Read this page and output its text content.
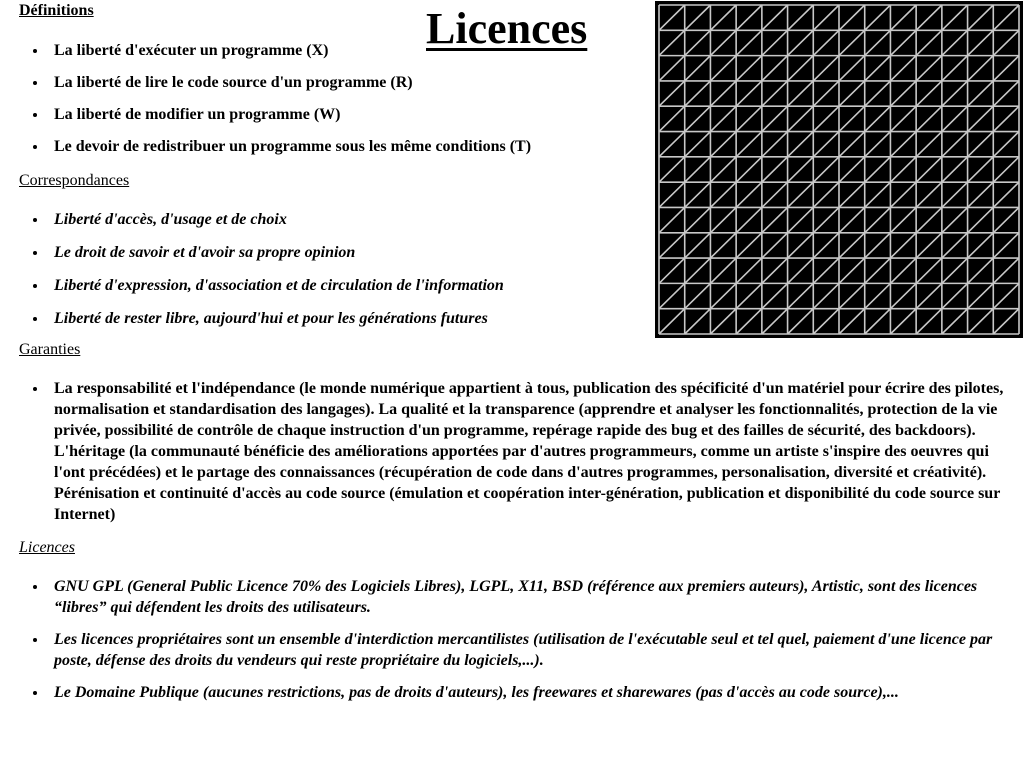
Licences
Définitions
La liberté d'exécuter un programme (X)
La liberté de lire le code source d'un programme (R)
La liberté de modifier un programme (W)
Le devoir de redistribuer un programme sous les même conditions (T)
Correspondances
Liberté d'accès, d'usage et de choix
Le droit de savoir et d'avoir sa propre opinion
Liberté d'expression, d'association et de circulation de l'information
Liberté de rester libre, aujourd'hui et pour les générations futures
Garanties
La responsabilité et l'indépendance (le monde numérique appartient à tous, publication des spécificité d'un matériel pour écrire des pilotes, normalisation et standardisation des langages). La qualité et la transparence (apprendre et analyser les fonctionnalités, protection de la vie privée, possibilité de contrôle de chaque instruction d'un programme, repérage rapide des bug et des failles de sécurité, des backdoors). L'héritage (la communauté bénéficie des améliorations apportées par d'autres programmeurs, comme un artiste s'inspire des oeuvres qui l'ont précédées) et le partage des connaissances (récupération de code dans d'autres programmes, personalisation, diversité et créativité). Pérénisation et continuité d'accès au code source (émulation et coopération inter-génération, publication et disponibilité du code source sur Internet)
Licences
GNU GPL (General Public Licence 70% des Logiciels Libres), LGPL, X11, BSD (référence aux premiers auteurs), Artistic, sont des licences “libres” qui défendent les droits des utilisateurs.
Les licences propriétaires sont un ensemble d'interdiction mercantilistes (utilisation de l'exécutable seul et tel quel, paiement d'une licence par poste, défense des droits du vendeurs qui reste propriétaire du logiciels,...).
Le Domaine Publique (aucunes restrictions, pas de droits d'auteurs), les freewares et sharewares (pas d'accès au code source),...
